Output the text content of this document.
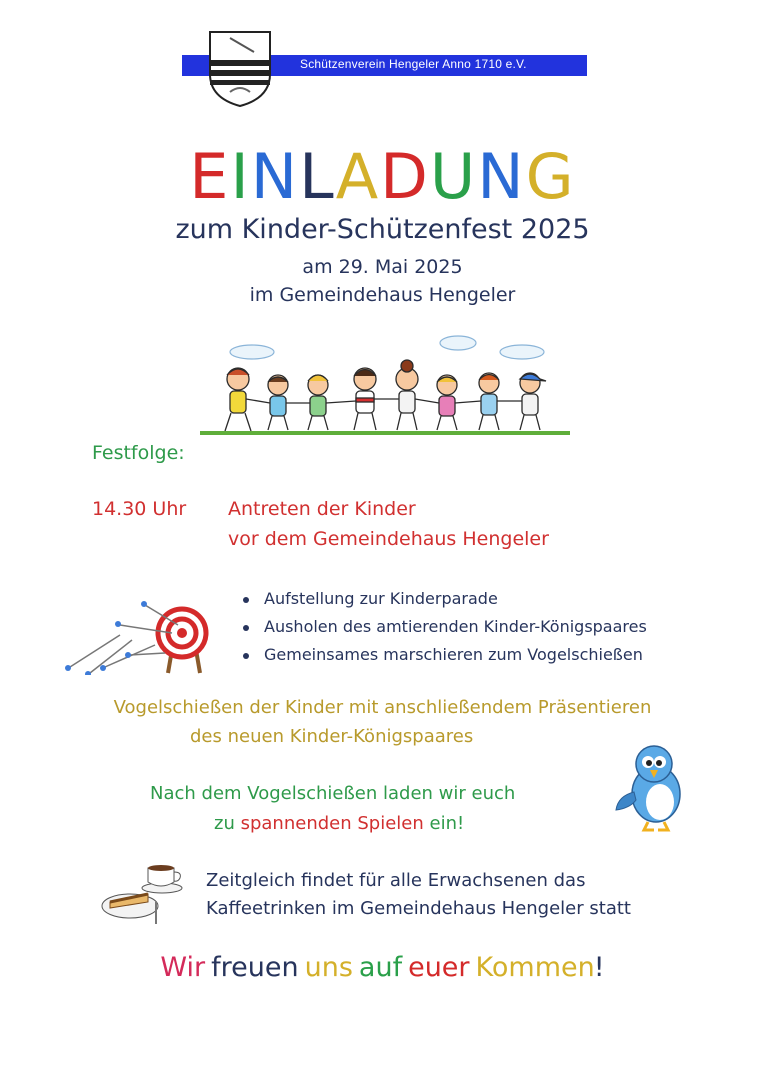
Schützenverein Hengeler Anno 1710 e.V.
EINLADUNG
zum Kinder-Schützenfest 2025
am 29. Mai 2025
im Gemeindehaus Hengeler
Festfolge:
14.30 Uhr Antreten der Kinder
vor dem Gemeindehaus Hengeler
Aufstellung zur Kinderparade
Ausholen des amtierenden Kinder-Königspaares
Gemeinsames marschieren zum Vogelschießen
Vogelschießen der Kinder mit anschließendem Präsentieren
des neuen Kinder-Königspaares
Nach dem Vogelschießen laden wir euch
zu spannenden Spielen ein!
Zeitgleich findet für alle Erwachsenen das
Kaffeetrinken im Gemeindehaus Hengeler statt
Wir freuen uns auf euer Kommen!
